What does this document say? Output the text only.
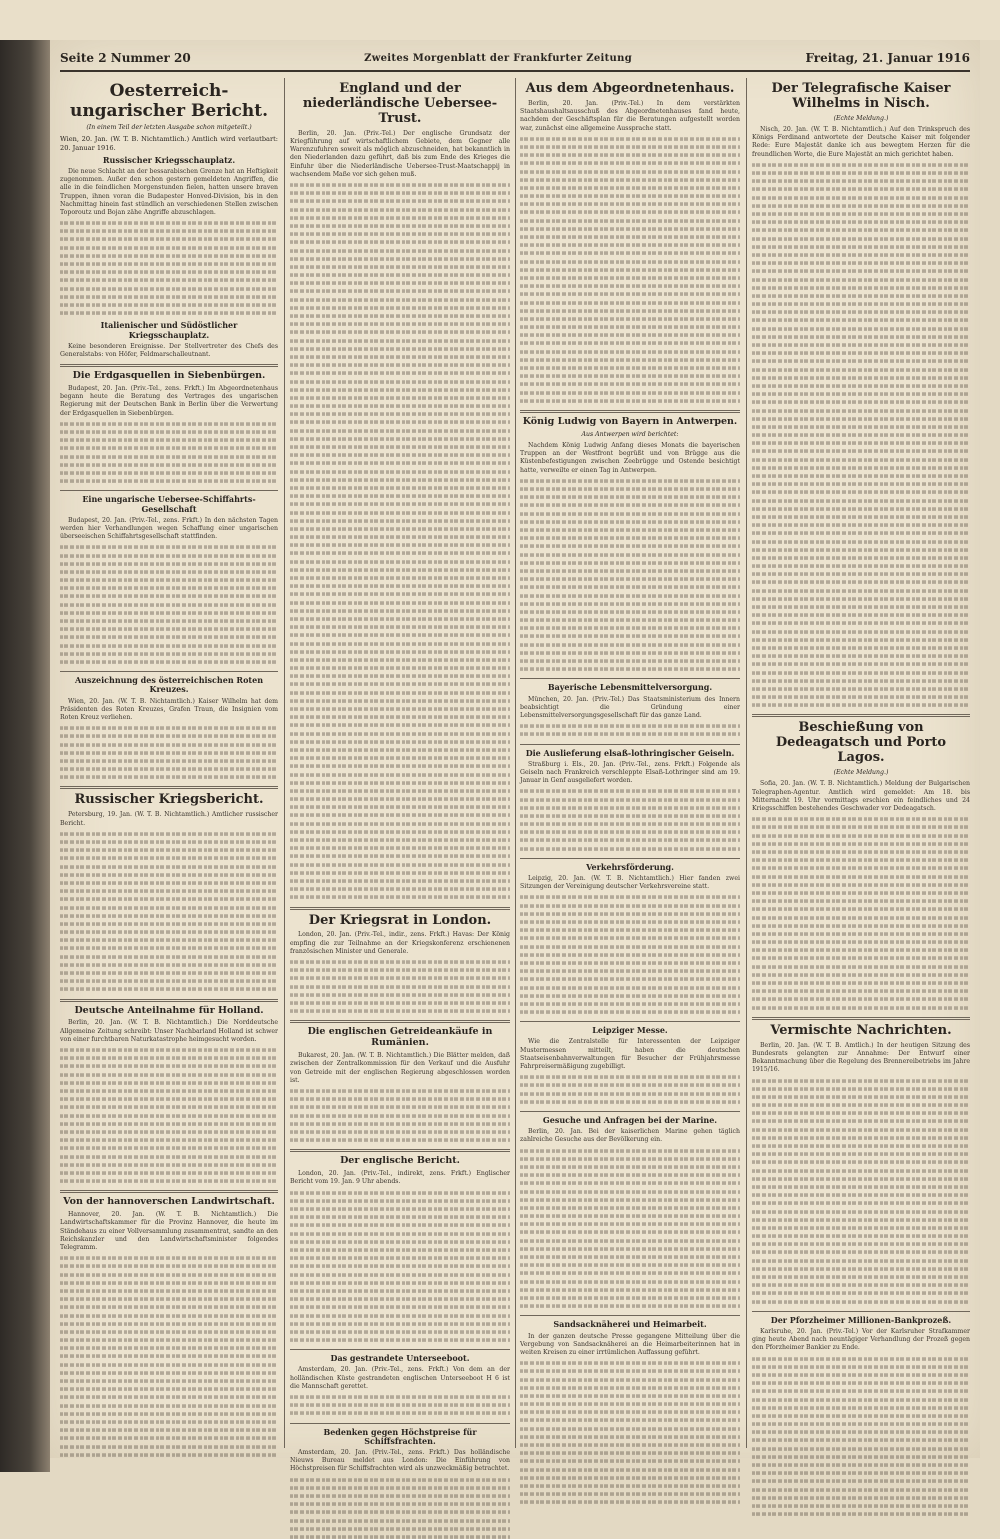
Seite 2 Nummer 20	Zweites Morgenblatt der Frankfurter Zeitung	Freitag, 21. Januar 1916
Oesterreich-ungarischer Bericht.
(In einem Teil der letzten Ausgabe schon mitgeteilt.)
Wien, 20. Jan. (W. T. B. Nichtamtlich.) Amtlich wird verlautbart: 20. Januar 1916.
Russischer Kriegsschauplatz.

Die neue Schlacht an der bessarabischen Grenze hat an Heftigkeit zugenommen. Außer den schon gestern gemeldeten Angriffen, die alle in die feindlichen Morgenstunden fielen, hatten unsere braven Truppen, ihnen voran die Budapester Honved-Division, bis in den Nachmittag hinein fast stündlich an verschiedenen Stellen zwischen Toporoutz und Bojan zähe Angriffe abzuschlagen.

Italienischer und Südöstlicher Kriegsschauplatz.

Keine besonderen Ereignisse. Der Stellvertreter des Chefs des Generalstabs: von Höfer, Feldmarschalleutnant.

Die Erdgasquellen in Siebenbürgen.

Budapest, 20. Jan. (Priv.-Tel., zens. Frkft.) Im Abgeordnetenhaus begann heute die Beratung des Vertrages des ungarischen Regierung mit der Deutschen Bank in Berlin über die Verwertung der Erdgasquellen in Siebenbürgen.

Eine ungarische Ueberseе-Schiffahrts-Gesellschaft

Budapest, 20. Jan. (Priv.-Tel., zens. Frkft.) In den nächsten Tagen werden hier Verhandlungen wegen Schaffung einer ungarischen überseeischen Schiffahrtsgesellschaft stattfinden.

Auszeichnung des österreichischen Roten Kreuzes.

Wien, 20. Jan. (W. T. B. Nichtamtlich.) Kaiser Wilhelm hat dem Präsidenten des Roten Kreuzes, Grafen Traun, die Insignien vom Roten Kreuz verliehen.

Russischer Kriegsbericht.

Petersburg, 19. Jan. (W. T. B. Nichtamtlich.) Amtlicher russischer Bericht.

Deutsche Anteilnahme für Holland.

Berlin, 20. Jan. (W. T. B. Nichtamtlich.) Die Norddeutsche Allgemeine Zeitung schreibt: Unser Nachbarland Holland ist schwer von einer furchtbaren Naturkatastrophe heimgesucht worden.

Von der hannoverschen Landwirtschaft.

Hannover, 20. Jan. (W. T. B. Nichtamtlich.) Die Landwirtschaftskammer für die Provinz Hannover, die heute im Ständehaus zu einer Vollversammlung zusammentrat, sandte an den Reichskanzler und den Landwirtschaftsminister folgendes Telegramm.

England und der niederländische Ueberseе-Trust.

Berlin, 20. Jan. (Priv.-Tel.) Der englische Grundsatz der Kriegführung auf wirtschaftlichem Gebiete, dem Gegner alle Warenzufuhren soweit als möglich abzuschneiden, hat bekanntlich in den Niederlanden dazu geführt, daß bis zum Ende des Krieges die Einfuhr über die Niederländische Ueberseе-Trust-Maatschappij in wachsendem Maße vor sich gehen muß.

Der Kriegsrat in London.

London, 20. Jan. (Priv.-Tel., indir., zens. Frkft.) Havas: Der König empfing die zur Teilnahme an der Kriegskonferenz erschienenen französischen Minister und Generale.

Die englischen Getreideankäufe in Rumänien.

Bukarest, 20. Jan. (W. T. B. Nichtamtlich.) Die Blätter melden, daß zwischen der Zentralkommission für den Verkauf und die Ausfuhr von Getreide mit der englischen Regierung abgeschlossen worden ist.

Der englische Bericht.

London, 20. Jan. (Priv.-Tel., indirekt, zens. Frkft.) Englischer Bericht vom 19. Jan. 9 Uhr abends.

Das gestrandete Unterseeboot.

Amsterdam, 20. Jan. (Priv.-Tel., zens. Frkft.) Von dem an der holländischen Küste gestrandeten englischen Unterseeboot H 6 ist die Mannschaft gerettet.

Bedenken gegen Höchstpreise für Schiffsfrachten.

Amsterdam, 20. Jan. (Priv.-Tel., zens. Frkft.) Das holländische Nieuws Bureau meldet aus London: Die Einführung von Höchstpreisen für Schiffsfrachten wird als unzweckmäßig betrachtet.

Aus dem Abgeordnetenhaus.

Berlin, 20. Jan. (Priv.-Tel.) In dem verstärkten Staatshaushaltsausschuß des Abgeordnetenhauses fand heute, nachdem der Geschäftsplan für die Beratungen aufgestellt worden war, zunächst eine allgemeine Aussprache statt.

König Ludwig von Bayern in Antwerpen.
Aus Antwerpen wird berichtet:

Nachdem König Ludwig Anfang dieses Monats die bayerischen Truppen an der Westfront begrüßt und von Brügge aus die Küstenbefestigungen zwischen Zeebrügge und Ostende besichtigt hatte, verweilte er einen Tag in Antwerpen.

Bayerische Lebensmittelversorgung.

München, 20. Jan. (Priv.-Tel.) Das Staatsministerium des Innern beabsichtigt die Gründung einer Lebensmittelversorgungsgesellschaft für das ganze Land.

Die Auslieferung elsaß-lothringischer Geiseln.

Straßburg i. Els., 20. Jan. (Priv.-Tel., zens. Frkft.) Folgende als Geiseln nach Frankreich verschleppte Elsaß-Lothringer sind am 19. Januar in Genf ausgeliefert worden.

Verkehrsförderung.

Leipzig, 20. Jan. (W. T. B. Nichtamtlich.) Hier fanden zwei Sitzungen der Vereinigung deutscher Verkehrsvereine statt.

Leipziger Messe.

Wie die Zentralstelle für Interessenten der Leipziger Mustermessen mitteilt, haben die deutschen Staatseisenbahnverwaltungen für Besucher der Frühjahrsmesse Fahrpreisermäßigung zugebilligt.

Gesuche und Anfragen bei der Marine.

Berlin, 20. Jan. Bei der kaiserlichen Marine gehen täglich zahlreiche Gesuche aus der Bevölkerung ein.

Sandsacknäherei und Heimarbeit.

In der ganzen deutsche Presse gegangene Mitteilung über die Vergebung von Sandsacknäherei an die Heimarbeiterinnen hat in weiten Kreisen zu einer irrtümlichen Auffassung geführt.

Der Telegrafische Kaiser Wilhelms in Nisch.
(Echte Meldung.)

Nisch, 20. Jan. (W. T. B. Nichtamtlich.) Auf den Trinkspruch des Königs Ferdinand antwortete der Deutsche Kaiser mit folgender Rede: Eure Majestät danke ich aus bewegtem Herzen für die freundlichen Worte, die Eure Majestät an mich gerichtet haben.

Beschießung von Dedeagatsch und Porto Lagos.
(Echte Meldung.)

Sofia, 20. Jan. (W. T. B. Nichtamtlich.) Meldung der Bulgarischen Telegraphen-Agentur. Amtlich wird gemeldet: Am 18. bis Mitternacht 19. Uhr vormittags erschien ein feindliches und 24 Kriegsschiffen bestehendes Geschwader vor Dedeagatsch.

Vermischte Nachrichten.

Berlin, 20. Jan. (W. T. B. Amtlich.) In der heutigen Sitzung des Bundesrats gelangten zur Annahme: Der Entwurf einer Bekanntmachung über die Regelung des Brennereibetriebs im Jahre 1915/16.

Der Pforzheimer Millionen-Bankprozeß.

Karlsruhe, 20. Jan. (Priv.-Tel.) Vor der Karlsruher Strafkammer ging heute Abend nach neuntägiger Verhandlung der Prozeß gegen den Pforzheimer Bankier zu Ende.
